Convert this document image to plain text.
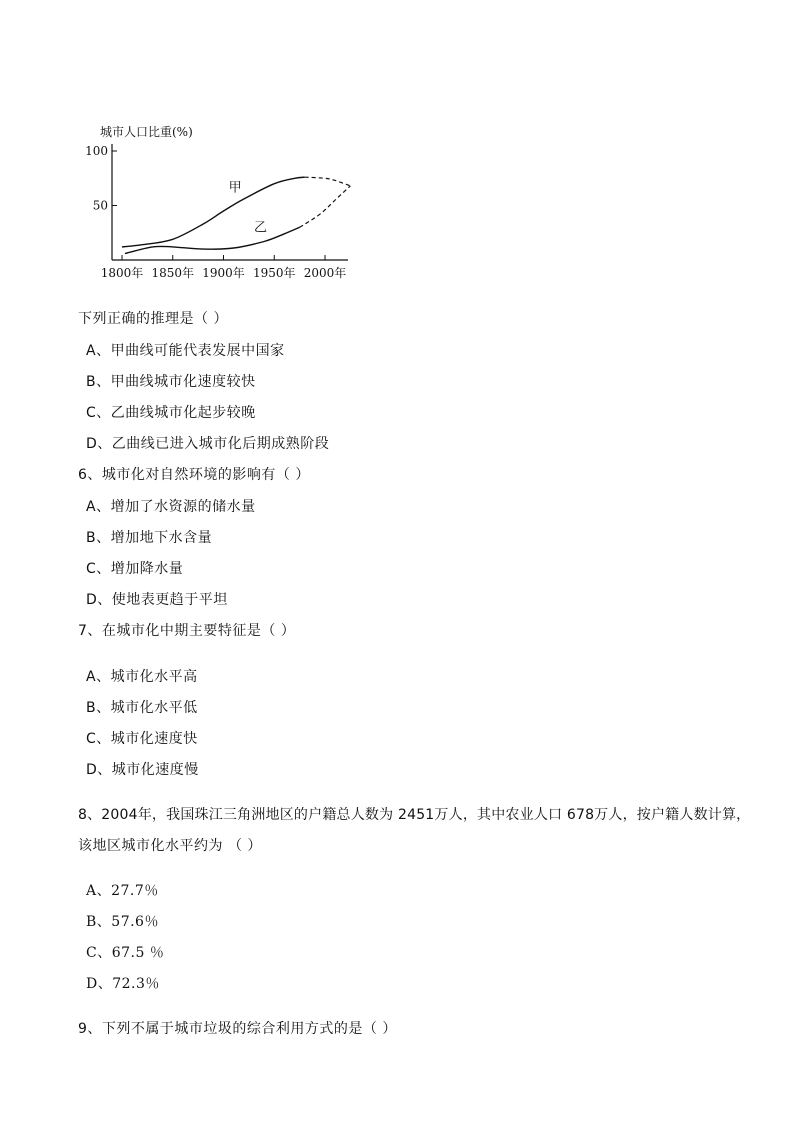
城市人口比重(%)
100
50
1800年 1850年 1900年 1950年 2000年
甲
乙
下列正确的推理是（ ）
A、甲曲线可能代表发展中国家
B、甲曲线城市化速度较快
C、乙曲线城市化起步较晚
D、乙曲线已进入城市化后期成熟阶段
6、城市化对自然环境的影响有（ ）
A、增加了水资源的储水量
B、增加地下水含量
C、增加降水量
D、使地表更趋于平坦
7、在城市化中期主要特征是（ ）
A、城市化水平高
B、城市化水平低
C、城市化速度快
D、城市化速度慢
8、2004年，我国珠江三角洲地区的户籍总人数为 2451万人，其中农业人口 678万人，按户籍人数计算，
该地区城市化水平约为 （ ）
A、27.7％
B、57.6％
C、67.5 ％
D、72.3％
9、下列不属于城市垃圾的综合利用方式的是（ ）
